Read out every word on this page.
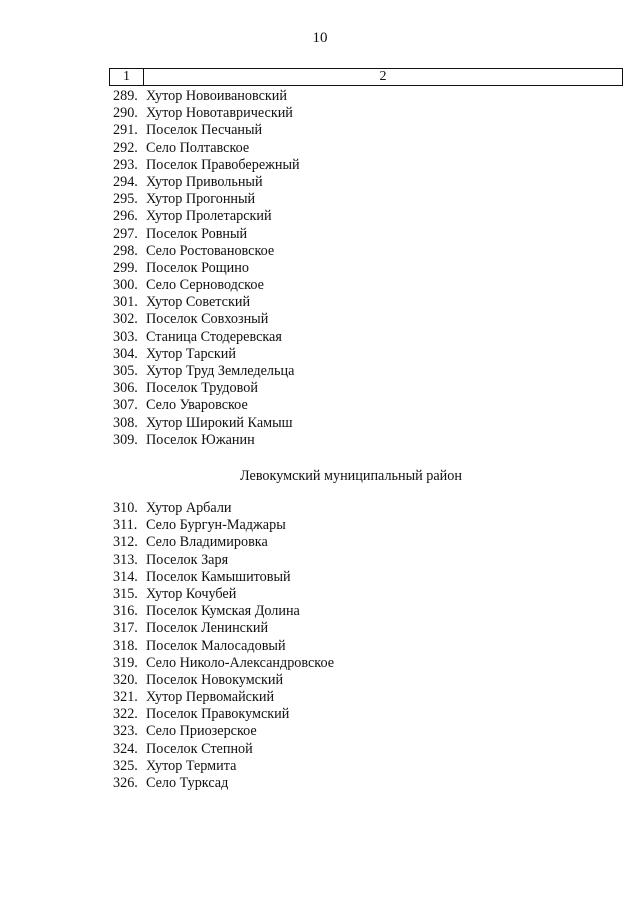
10
1	2
289. Хутор Новоивановский
290. Хутор Новотаврический
291. Поселок Песчаный
292. Село Полтавское
293. Поселок Правобережный
294. Хутор Привольный
295. Хутор Прогонный
296. Хутор Пролетарский
297. Поселок Ровный
298. Село Ростовановское
299. Поселок Рощино
300. Село Серноводское
301. Хутор Советский
302. Поселок Совхозный
303. Станица Стодеревская
304. Хутор Тарский
305. Хутор Труд Земледельца
306. Поселок Трудовой
307. Село Уваровское
308. Хутор Широкий Камыш
309. Поселок Южанин
Левокумский муниципальный район
310. Хутор Арбали
311. Село Бургун-Маджары
312. Село Владимировка
313. Поселок Заря
314. Поселок Камышитовый
315. Хутор Кочубей
316. Поселок Кумская Долина
317. Поселок Ленинский
318. Поселок Малосадовый
319. Село Николо-Александровское
320. Поселок Новокумский
321. Хутор Первомайский
322. Поселок Правокумский
323. Село Приозерское
324. Поселок Степной
325. Хутор Термита
326. Село Турксад
